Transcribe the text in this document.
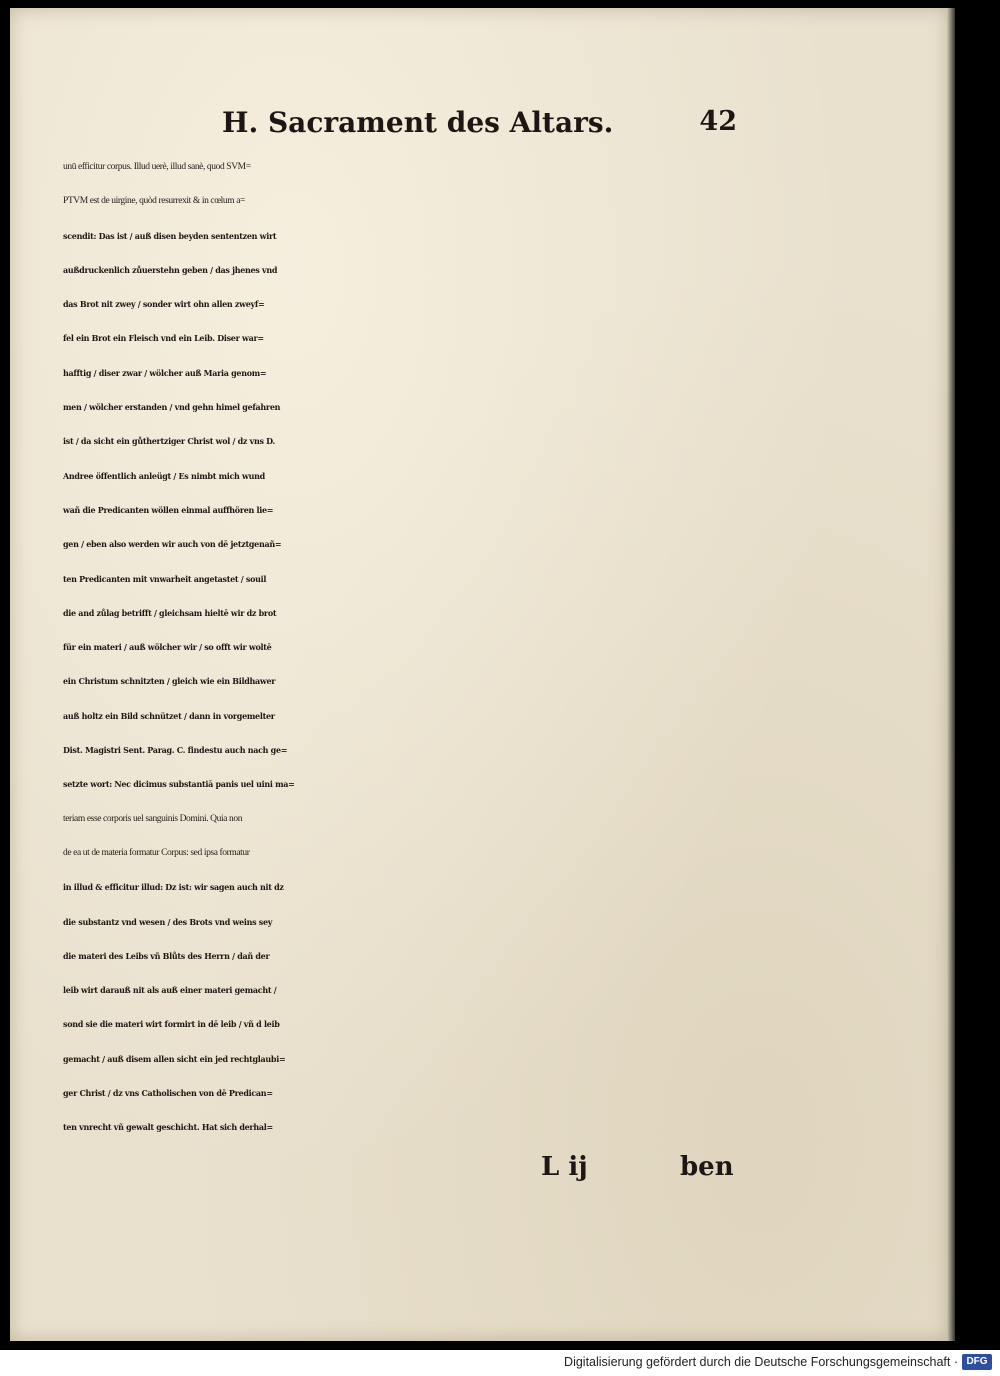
H. Sacrament des Altars.	42
unū efficitur corpus. Illud uerè, illud sanè, quod SVM=
PTVM est de uirgine, quòd resurrexit & in cœlum a=
scendit: Das ist / auß disen beyden sententzen wirt
außdruckenlich zůuerstehn geben / das jhenes vnd
das Brot nit zwey / sonder wirt ohn allen zweyf=
fel ein Brot ein Fleisch vnd ein Leib. Diser war=
hafftig / diser zwar / wölcher auß Maria genom=
men / wölcher erstanden / vnd gehn himel gefahren
ist / da sicht ein gůthertziger Christ wol / dz vns D.
Andree öffentlich anleügt / Es nimbt mich wund
wañ die Predicanten wöllen einmal auffhören lie=
gen / eben also werden wir auch von dē jetztgenañ=
ten Predicanten mit vnwarheit angetastet / souil
die and zůlag betrifft / gleichsam hieltē wir dz brot
für ein materi / auß wölcher wir / so offt wir woltē
ein Christum schnitzten / gleich wie ein Bildhawer
auß holtz ein Bild schnützet / dann in vorgemelter
Dist. Magistri Sent. Parag. C. findestu auch nach ge=
setzte wort: Nec dicimus substantiā panis uel uini ma=
teriam esse corporis uel sanguinis Domini. Quia non
de ea ut de materia formatur Corpus: sed ipsa formatur
in illud & efficitur illud: Dz ist: wir sagen auch nit dz
die substantz vnd wesen / des Brots vnd weins sey
die materi des Leibs vñ Blůts des Herrn / dañ der
leib wirt darauß nit als auß einer materi gemacht /
sond sie die materi wirt formirt in dē leib / vñ d leib
gemacht / auß disem allen sicht ein jed rechtglaubi=
ger Christ / dz vns Catholischen von dē Predican=
ten vnrecht vñ gewalt geschicht. Hat sich derhal=
L ij	ben
Digitalisierung gefördert durch die Deutsche Forschungsgemeinschaft · DFG
